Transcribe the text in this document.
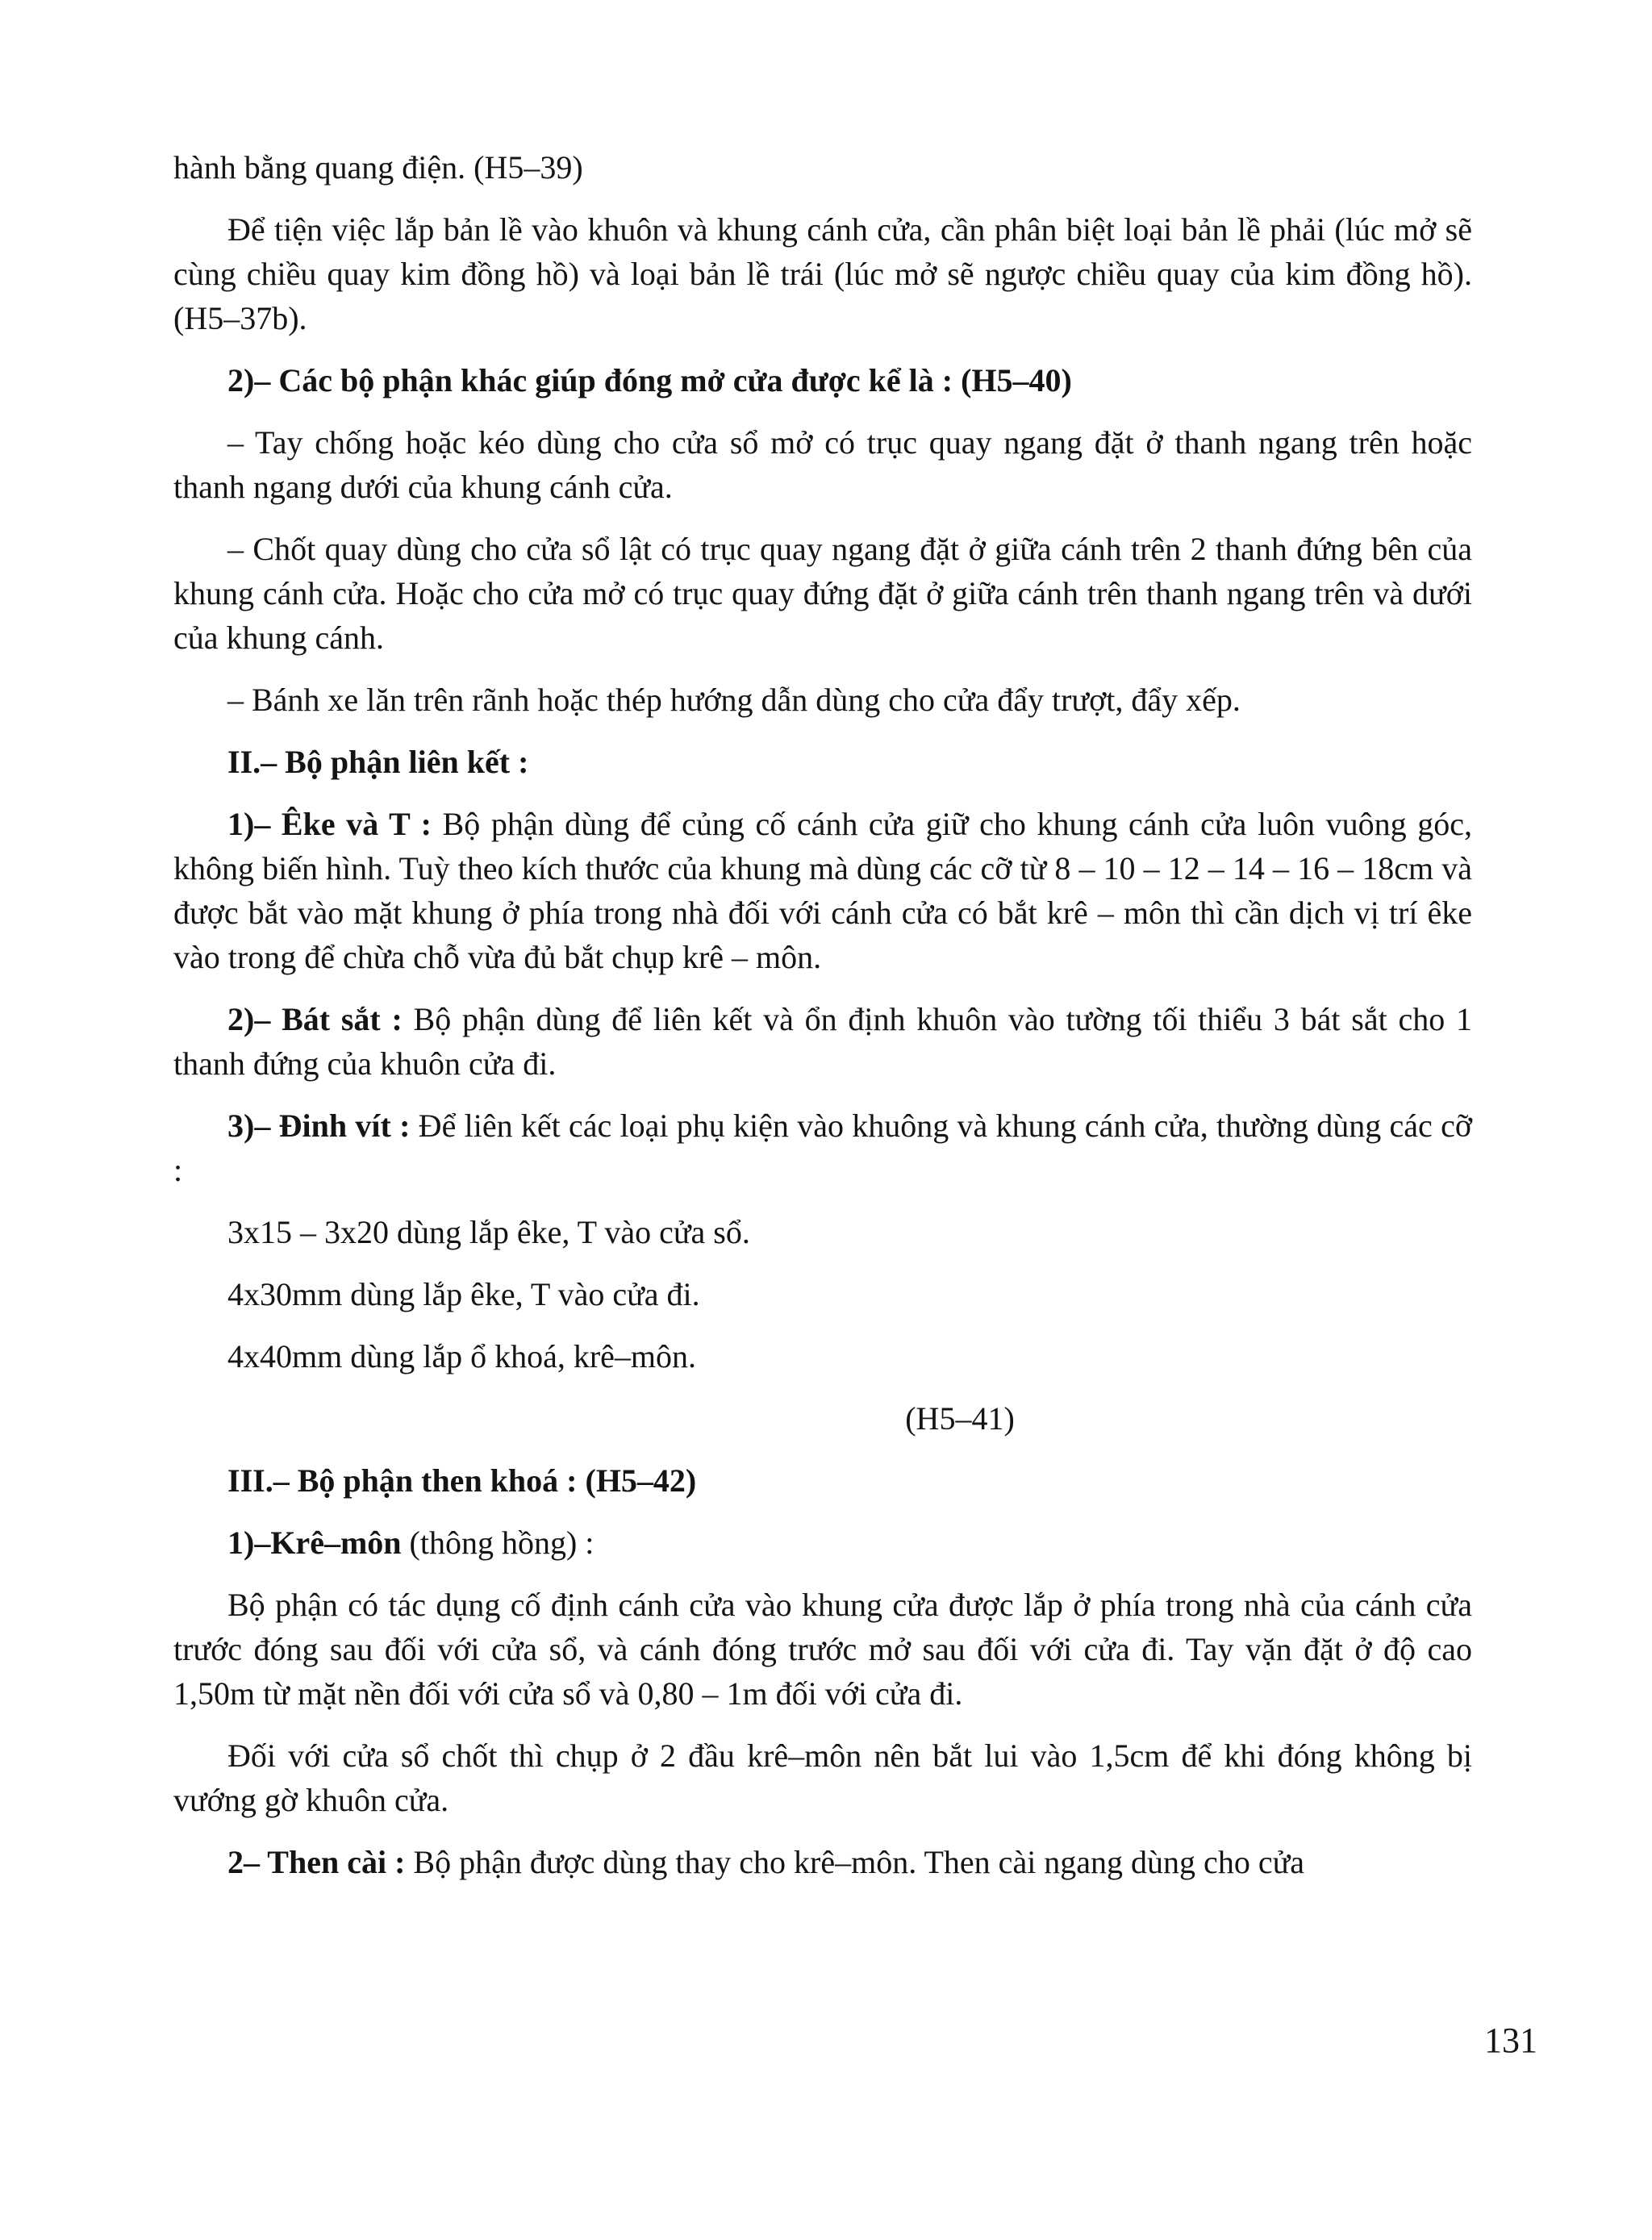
hành bằng quang điện. (H5–39)

Để tiện việc lắp bản lề vào khuôn và khung cánh cửa, cần phân biệt loại bản lề phải (lúc mở sẽ cùng chiều quay kim đồng hồ) và loại bản lề trái (lúc mở sẽ ngược chiều quay của kim đồng hồ). (H5–37b).

2)– Các bộ phận khác giúp đóng mở cửa được kể là : (H5–40)

– Tay chống hoặc kéo dùng cho cửa sổ mở có trục quay ngang đặt ở thanh ngang trên hoặc thanh ngang dưới của khung cánh cửa.

– Chốt quay dùng cho cửa sổ lật có trục quay ngang đặt ở giữa cánh trên 2 thanh đứng bên của khung cánh cửa. Hoặc cho cửa mở có trục quay đứng đặt ở giữa cánh trên thanh ngang trên và dưới của khung cánh.

– Bánh xe lăn trên rãnh hoặc thép hướng dẫn dùng cho cửa đẩy trượt, đẩy xếp.

II.– Bộ phận liên kết :

1)– Êke và T : Bộ phận dùng để củng cố cánh cửa giữ cho khung cánh cửa luôn vuông góc, không biến hình. Tuỳ theo kích thước của khung mà dùng các cỡ từ 8 – 10 – 12 – 14 – 16 – 18cm và được bắt vào mặt khung ở phía trong nhà đối với cánh cửa có bắt krê – môn thì cần dịch vị trí êke vào trong để chừa chỗ vừa đủ bắt chụp krê – môn.

2)– Bát sắt : Bộ phận dùng để liên kết và ổn định khuôn vào tường tối thiểu 3 bát sắt cho 1 thanh đứng của khuôn cửa đi.

3)– Đinh vít : Để liên kết các loại phụ kiện vào khuông và khung cánh cửa, thường dùng các cỡ :

3x15 – 3x20 dùng lắp êke, T vào cửa sổ.

4x30mm dùng lắp êke, T vào cửa đi.

4x40mm dùng lắp ổ khoá, krê–môn.

(H5–41)

III.– Bộ phận then khoá : (H5–42)

1)–Krê–môn (thông hồng) :

Bộ phận có tác dụng cố định cánh cửa vào khung cửa được lắp ở phía trong nhà của cánh cửa trước đóng sau đối với cửa sổ, và cánh đóng trước mở sau đối với cửa đi. Tay vặn đặt ở độ cao 1,50m từ mặt nền đối với cửa sổ và 0,80 – 1m đối với cửa đi.

Đối với cửa sổ chốt thì chụp ở 2 đầu krê–môn nên bắt lui vào 1,5cm để khi đóng không bị vướng gờ khuôn cửa.

2– Then cài : Bộ phận được dùng thay cho krê–môn. Then cài ngang dùng cho cửa

131
